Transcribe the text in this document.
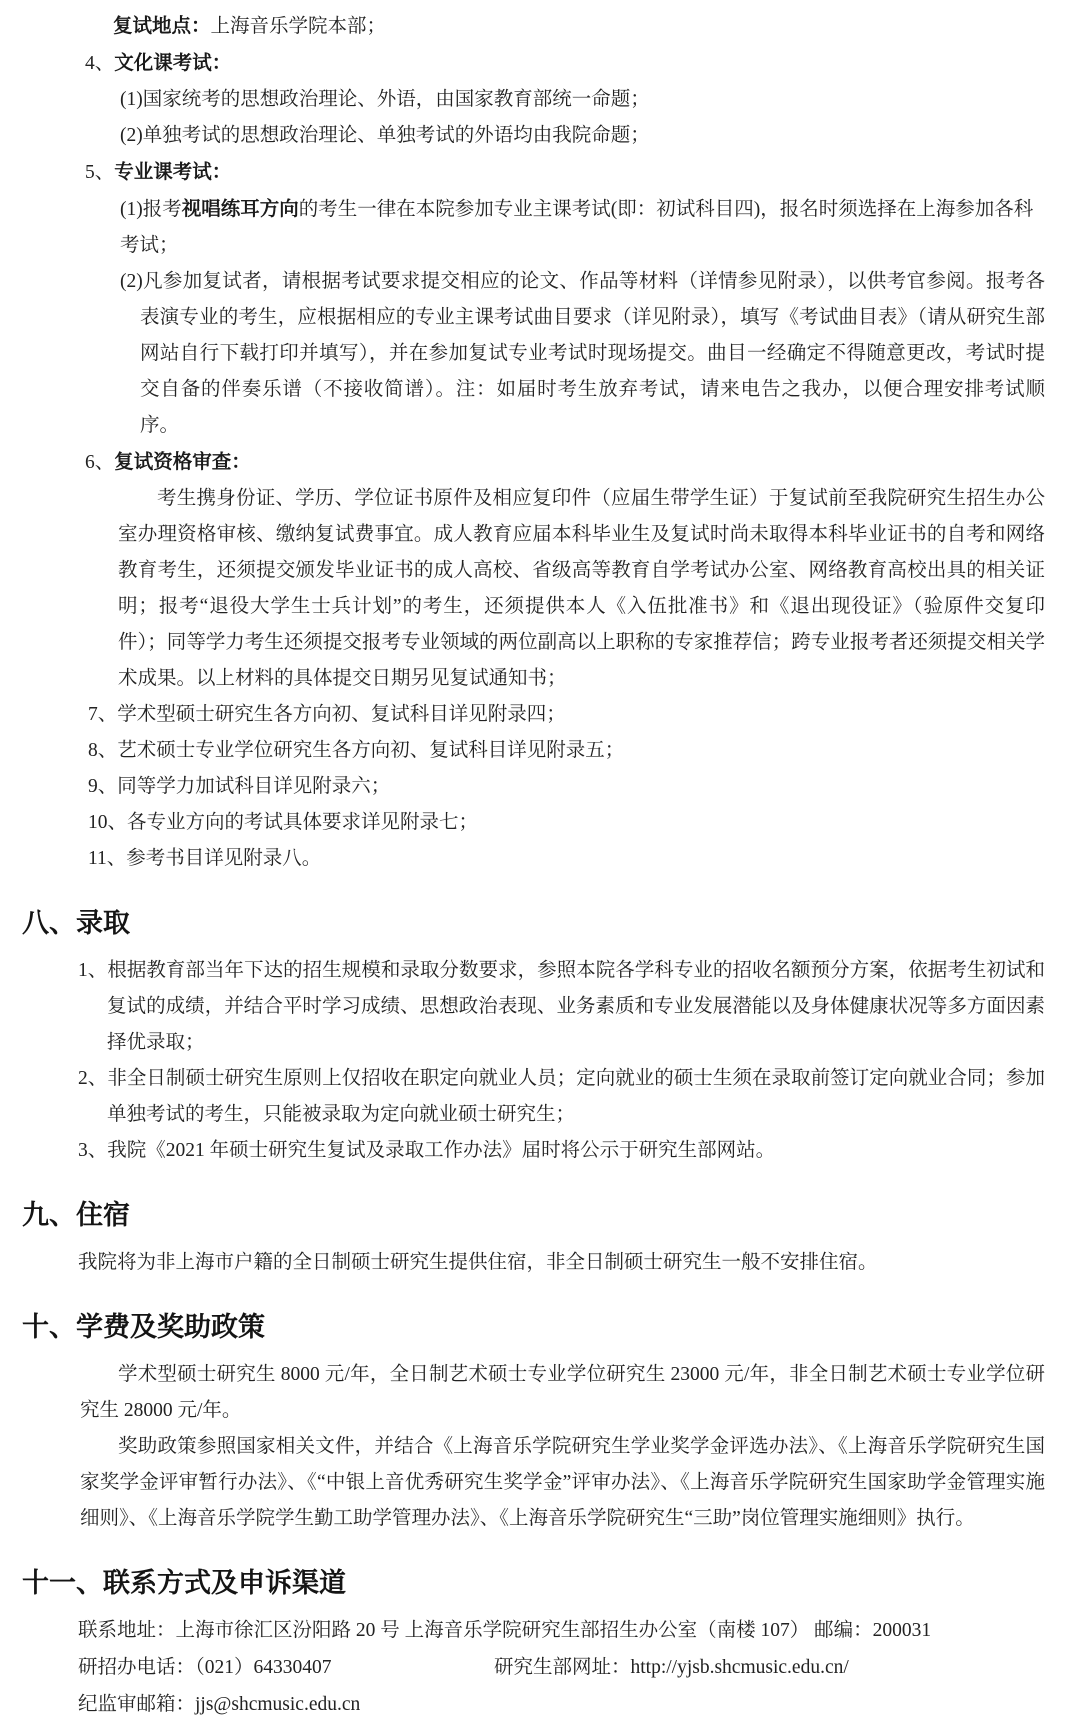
复试地点：上海音乐学院本部；
4、文化课考试：
(1)国家统考的思想政治理论、外语，由国家教育部统一命题；
(2)单独考试的思想政治理论、单独考试的外语均由我院命题；
5、专业课考试：
(1)报考视唱练耳方向的考生一律在本院参加专业主课考试(即：初试科目四)，报名时须选择在上海参加各科考试；
(2)凡参加复试者，请根据考试要求提交相应的论文、作品等材料（详情参见附录），以供考官参阅。报考各表演专业的考生，应根据相应的专业主课考试曲目要求（详见附录），填写《考试曲目表》（请从研究生部网站自行下载打印并填写），并在参加复试专业考试时现场提交。曲目一经确定不得随意更改，考试时提交自备的伴奏乐谱（不接收简谱）。注：如届时考生放弃考试，请来电告之我办，以便合理安排考试顺序。
6、复试资格审查：
考生携身份证、学历、学位证书原件及相应复印件（应届生带学生证）于复试前至我院研究生招生办公室办理资格审核、缴纳复试费事宜。成人教育应届本科毕业生及复试时尚未取得本科毕业证书的自考和网络教育考生，还须提交颁发毕业证书的成人高校、省级高等教育自学考试办公室、网络教育高校出具的相关证明；报考“退役大学生士兵计划”的考生，还须提供本人《入伍批准书》和《退出现役证》（验原件交复印件）；同等学力考生还须提交报考专业领域的两位副高以上职称的专家推荐信；跨专业报考者还须提交相关学术成果。以上材料的具体提交日期另见复试通知书；
7、学术型硕士研究生各方向初、复试科目详见附录四；
8、艺术硕士专业学位研究生各方向初、复试科目详见附录五；
9、同等学力加试科目详见附录六；
10、各专业方向的考试具体要求详见附录七；
11、参考书目详见附录八。
八、录取
1、根据教育部当年下达的招生规模和录取分数要求，参照本院各学科专业的招收名额预分方案，依据考生初试和复试的成绩，并结合平时学习成绩、思想政治表现、业务素质和专业发展潜能以及身体健康状况等多方面因素择优录取；
2、非全日制硕士研究生原则上仅招收在职定向就业人员；定向就业的硕士生须在录取前签订定向就业合同；参加单独考试的考生，只能被录取为定向就业硕士研究生；
3、我院《2021 年硕士研究生复试及录取工作办法》届时将公示于研究生部网站。
九、住宿
我院将为非上海市户籍的全日制硕士研究生提供住宿，非全日制硕士研究生一般不安排住宿。
十、学费及奖助政策
学术型硕士研究生 8000 元/年，全日制艺术硕士专业学位研究生 23000 元/年，非全日制艺术硕士专业学位研究生 28000 元/年。
奖助政策参照国家相关文件，并结合《上海音乐学院研究生学业奖学金评选办法》、《上海音乐学院研究生国家奖学金评审暂行办法》、《“中银上音优秀研究生奖学金”评审办法》、《上海音乐学院研究生国家助学金管理实施细则》、《上海音乐学院学生勤工助学管理办法》、《上海音乐学院研究生“三助”岗位管理实施细则》执行。
十一、联系方式及申诉渠道
联系地址：上海市徐汇区汾阳路 20 号 上海音乐学院研究生部招生办公室（南楼 107） 邮编：200031
研招办电话：（021）64330407	研究生部网址：http://yjsb.shcmusic.edu.cn/
纪监审邮箱：jjs@shcmusic.edu.cn
